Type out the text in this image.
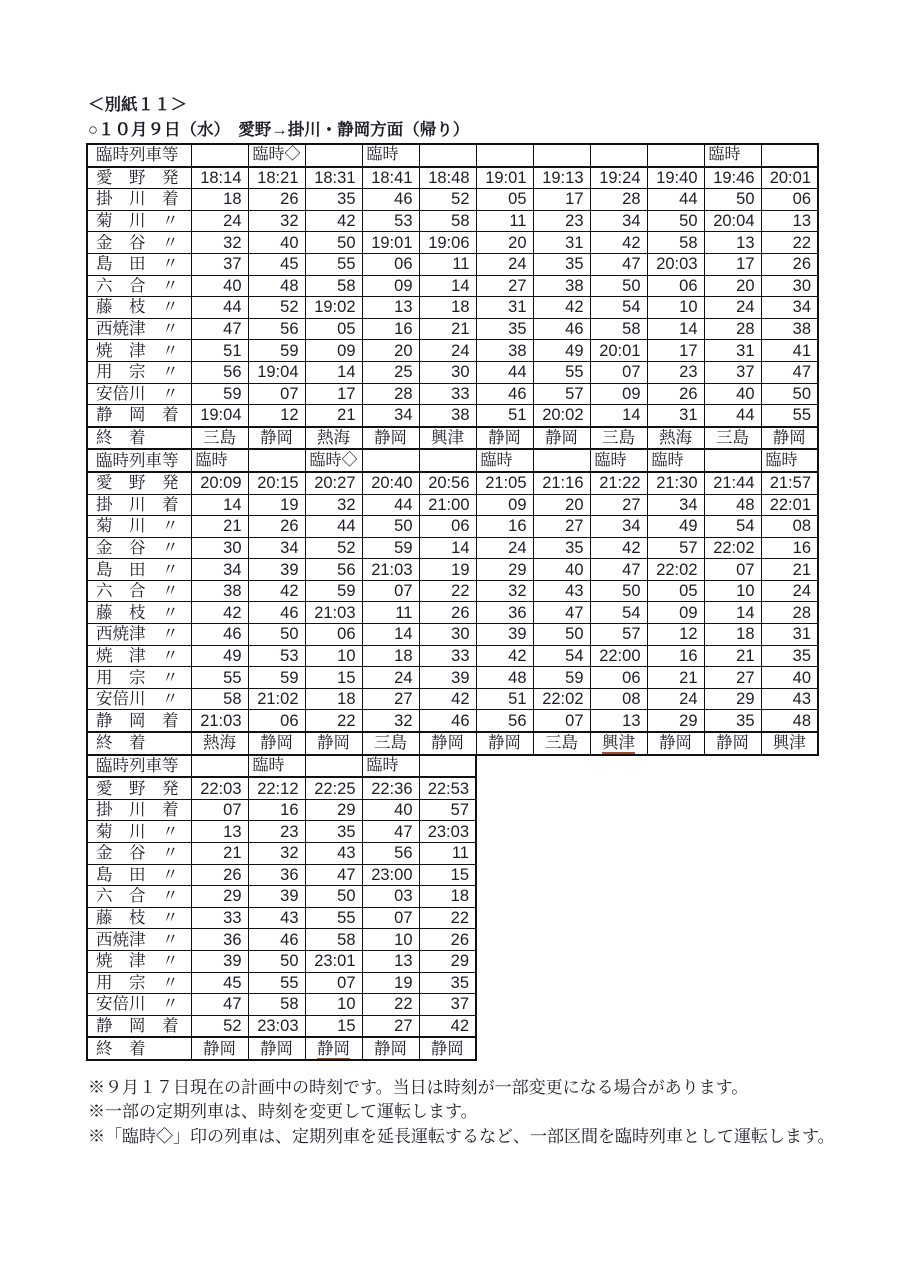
＜別紙１１＞
○１０月９日（水）　愛野→掛川・静岡方面（帰り）
臨時列車等		臨時◇		臨時						臨時	
愛　野　発	18:14	18:21	18:31	18:41	18:48	19:01	19:13	19:24	19:40	19:46	20:01
掛　川　着	18	26	35	46	52	05	17	28	44	50	06
菊　川　〃	24	32	42	53	58	11	23	34	50	20:04	13
金　谷　〃	32	40	50	19:01	19:06	20	31	42	58	13	22
島　田　〃	37	45	55	06	11	24	35	47	20:03	17	26
六　合　〃	40	48	58	09	14	27	38	50	06	20	30
藤　枝　〃	44	52	19:02	13	18	31	42	54	10	24	34
西焼津　〃	47	56	05	16	21	35	46	58	14	28	38
焼　津　〃	51	59	09	20	24	38	49	20:01	17	31	41
用　宗　〃	56	19:04	14	25	30	44	55	07	23	37	47
安倍川　〃	59	07	17	28	33	46	57	09	26	40	50
静　岡　着	19:04	12	21	34	38	51	20:02	14	31	44	55
終　着	三島	静岡	熱海	静岡	興津	静岡	静岡	三島	熱海	三島	静岡
臨時列車等	臨時		臨時◇			臨時		臨時	臨時		臨時
愛　野　発	20:09	20:15	20:27	20:40	20:56	21:05	21:16	21:22	21:30	21:44	21:57
掛　川　着	14	19	32	44	21:00	09	20	27	34	48	22:01
菊　川　〃	21	26	44	50	06	16	27	34	49	54	08
金　谷　〃	30	34	52	59	14	24	35	42	57	22:02	16
島　田　〃	34	39	56	21:03	19	29	40	47	22:02	07	21
六　合　〃	38	42	59	07	22	32	43	50	05	10	24
藤　枝　〃	42	46	21:03	11	26	36	47	54	09	14	28
西焼津　〃	46	50	06	14	30	39	50	57	12	18	31
焼　津　〃	49	53	10	18	33	42	54	22:00	16	21	35
用　宗　〃	55	59	15	24	39	48	59	06	21	27	40
安倍川　〃	58	21:02	18	27	42	51	22:02	08	24	29	43
静　岡　着	21:03	06	22	32	46	56	07	13	29	35	48
終　着	熱海	静岡	静岡	三島	静岡	静岡	三島	興津	静岡	静岡	興津
臨時列車等		臨時		臨時	
愛　野　発	22:03	22:12	22:25	22:36	22:53
掛　川　着	07	16	29	40	57
菊　川　〃	13	23	35	47	23:03
金　谷　〃	21	32	43	56	11
島　田　〃	26	36	47	23:00	15
六　合　〃	29	39	50	03	18
藤　枝　〃	33	43	55	07	22
西焼津　〃	36	46	58	10	26
焼　津　〃	39	50	23:01	13	29
用　宗　〃	45	55	07	19	35
安倍川　〃	47	58	10	22	37
静　岡　着	52	23:03	15	27	42
終　着	静岡	静岡	静岡	静岡	静岡
※９月１７日現在の計画中の時刻です。当日は時刻が一部変更になる場合があります。
※一部の定期列車は、時刻を変更して運転します。
※「臨時◇」印の列車は、定期列車を延長運転するなど、一部区間を臨時列車として運転します。
